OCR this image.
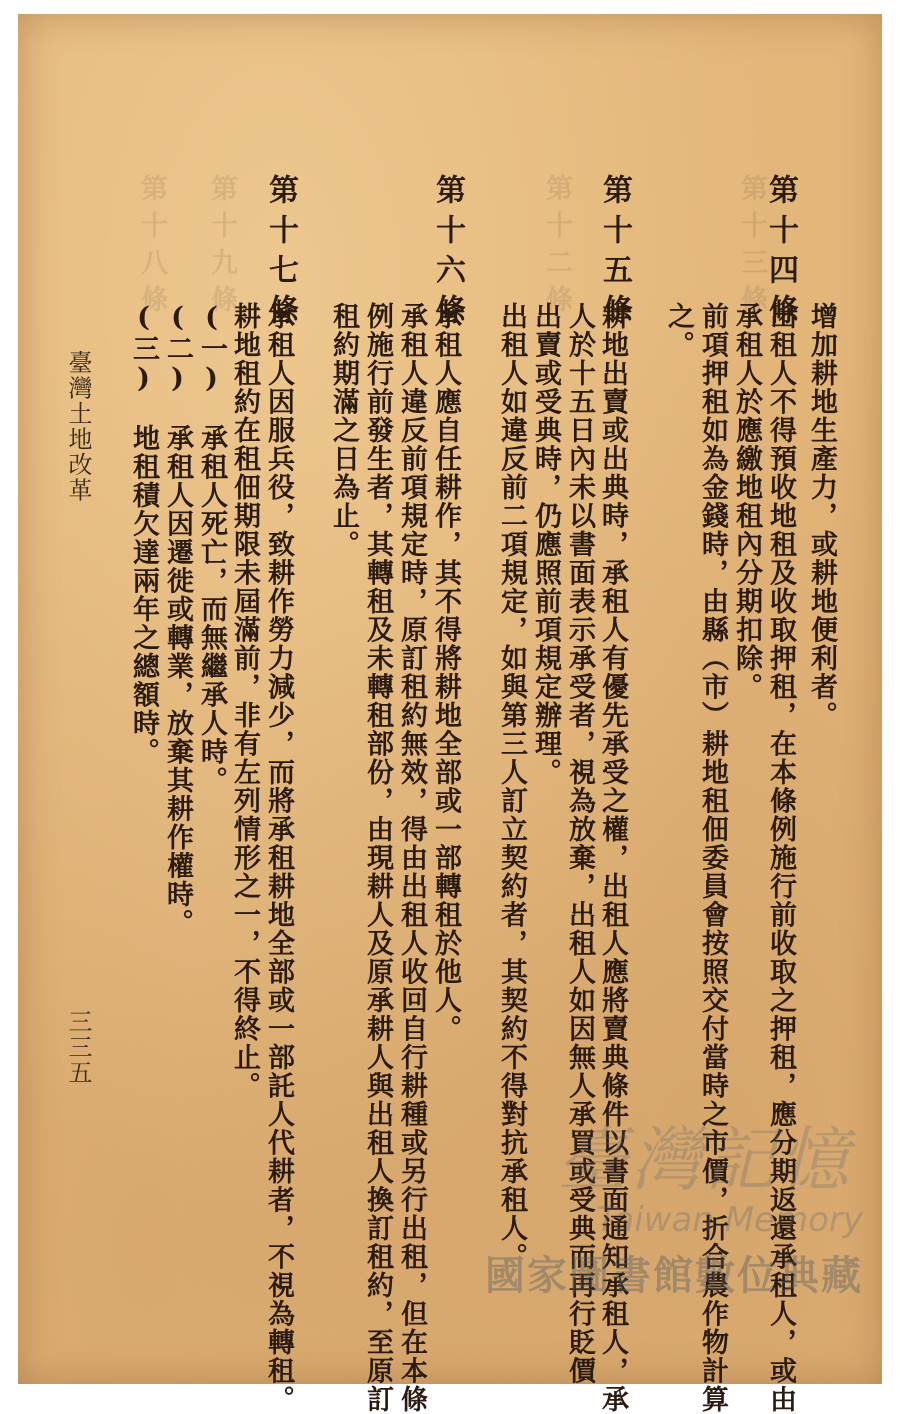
第十三條
第十二條
第十九條
第十八條
增加耕地生產力，或耕地便利者。
第十四條
出租人不得預收地租及收取押租，在本條例施行前收取之押租，應分期返還承租人，或由
承租人於應繳地租內分期扣除。
前項押租如為金錢時，由縣（市）耕地租佃委員會按照交付當時之市價，折合農作物計算
之。
第十五條
耕地出賣或出典時，承租人有優先承受之權，出租人應將賣典條件以書面通知承租人，承
人於十五日內未以書面表示承受者，視為放棄，出租人如因無人承買或受典而再行貶價
出賣或受典時，仍應照前項規定辦理。
出租人如違反前二項規定，如與第三人訂立契約者，其契約不得對抗承租人。
第十六條
承租人應自任耕作，其不得將耕地全部或一部轉租於他人。
承租人違反前項規定時，原訂租約無效，得由出租人收回自行耕種或另行出租，但在本條
例施行前發生者，其轉租及未轉租部份，由現耕人及原承耕人與出租人換訂租約，至原訂
租約期滿之日為止。
第十七條
承租人因服兵役，致耕作勞力減少，而將承租耕地全部或一部託人代耕者，不視為轉租。
耕地租約在租佃期限未屆滿前，非有左列情形之一，不得終止。
(一)　承租人死亡，而無繼承人時。
(二)　承租人因遷徙或轉業，放棄其耕作權時。
(三)　地租積欠達兩年之總額時。
臺灣土地改革
三三五
臺灣記憶
Taiwan Memory
國家圖書館數位典藏
